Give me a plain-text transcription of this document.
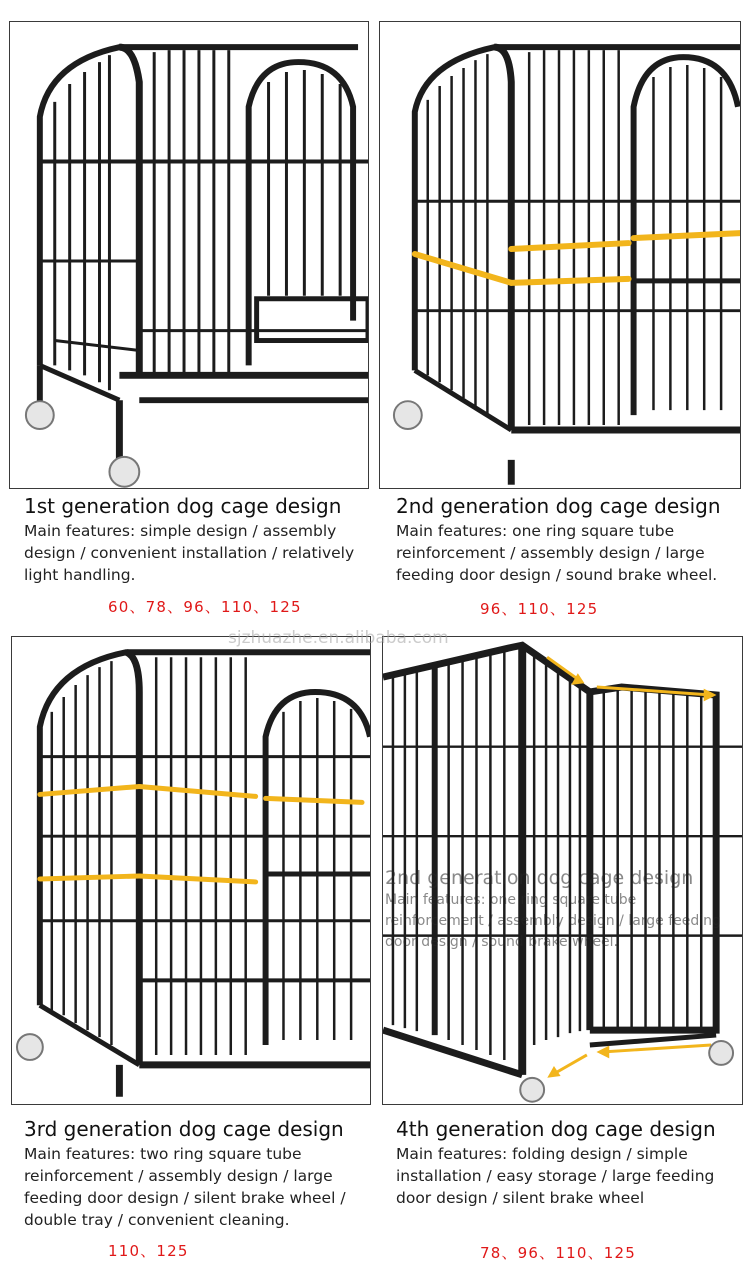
sjzhuazhe.en.alibaba.com
2nd generation dog cage design

Main features: one ring square tube reinforcement / assembly design / large feeding door design / sound brake wheel.

1st generation dog cage design

Main features: simple design / assembly design / convenient installation / relatively light handling.

60、78、96、110、125
2nd generation dog cage design

Main features: one ring square tube reinforcement / assembly design / large feeding door design / sound brake wheel.

96、110、125
3rd generation dog cage design

Main features: two ring square tube reinforcement / assembly design / large feeding door design / silent brake wheel / double tray / convenient cleaning.

110、125
4th generation dog cage design

Main features: folding design / simple installation / easy storage / large feeding door design / silent brake wheel

78、96、110、125
